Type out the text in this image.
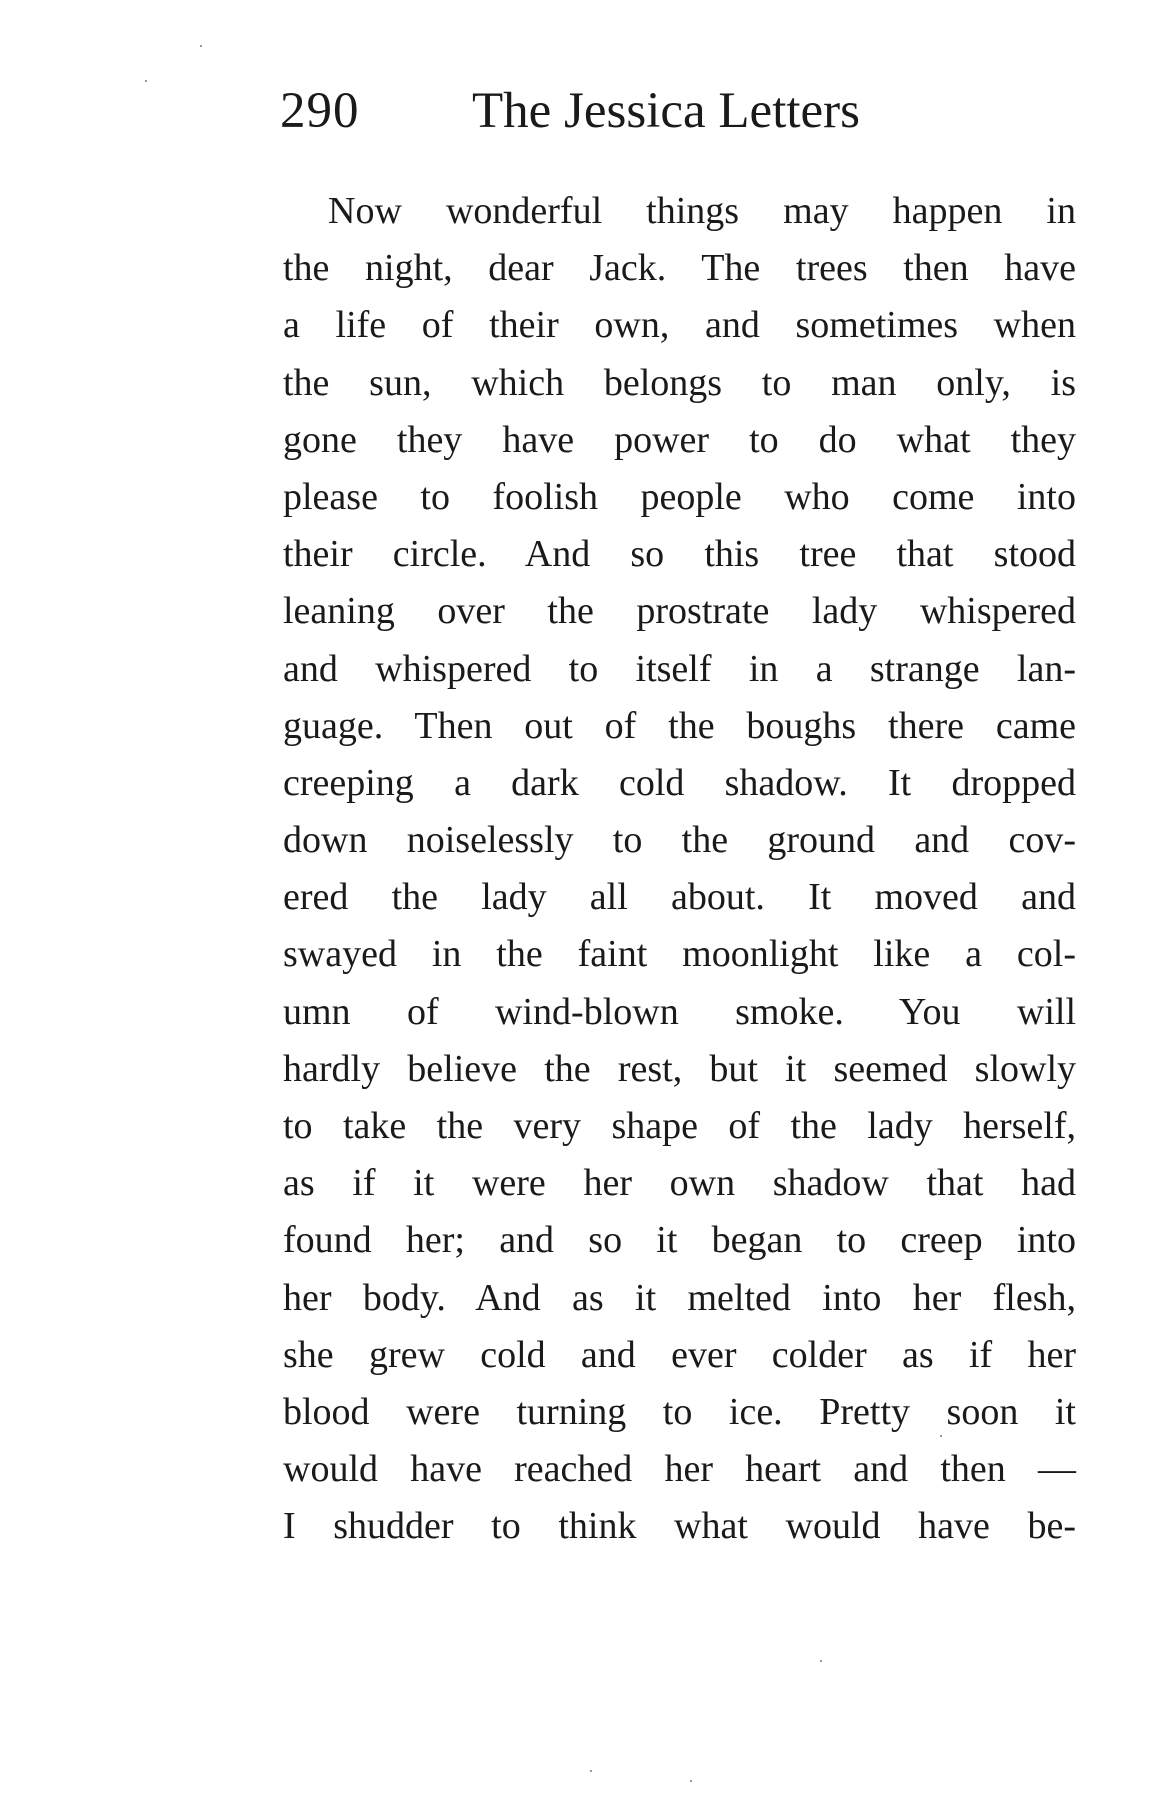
290 The Jessica Letters
Now wonderful things may happen in
the night, dear Jack. The trees then have
a life of their own, and sometimes when
the sun, which belongs to man only, is
gone they have power to do what they
please to foolish people who come into
their circle. And so this tree that stood
leaning over the prostrate lady whispered
and whispered to itself in a strange lan-
guage. Then out of the boughs there came
creeping a dark cold shadow. It dropped
down noiselessly to the ground and cov-
ered the lady all about. It moved and
swayed in the faint moonlight like a col-
umn of wind-blown smoke. You will
hardly believe the rest, but it seemed slowly
to take the very shape of the lady herself,
as if it were her own shadow that had
found her; and so it began to creep into
her body. And as it melted into her flesh,
she grew cold and ever colder as if her
blood were turning to ice. Pretty soon it
would have reached her heart and then —
I shudder to think what would have be-
